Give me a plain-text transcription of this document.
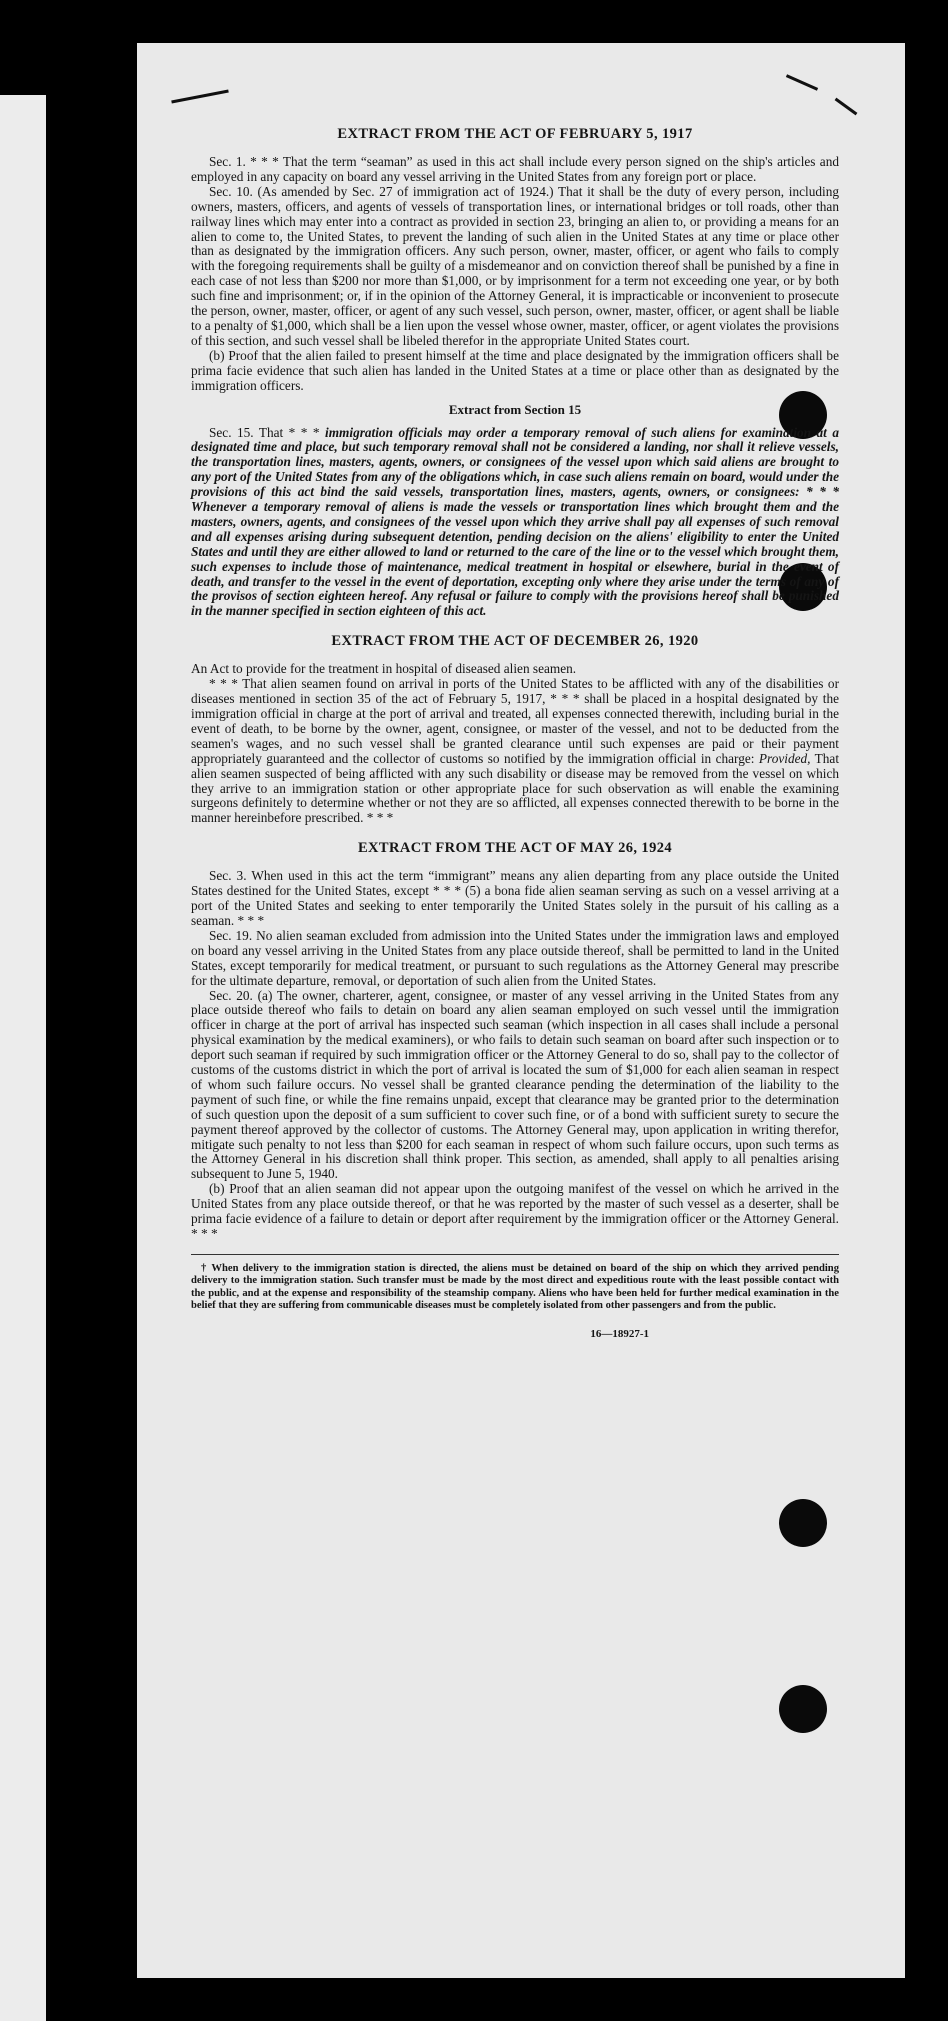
EXTRACT FROM THE ACT OF FEBRUARY 5, 1917

Sec. 1. * * * That the term “seaman” as used in this act shall include every person signed on the ship's articles and employed in any capacity on board any vessel arriving in the United States from any foreign port or place.

Sec. 10. (As amended by Sec. 27 of immigration act of 1924.) That it shall be the duty of every person, including owners, masters, officers, and agents of vessels of transportation lines, or international bridges or toll roads, other than railway lines which may enter into a contract as provided in section 23, bringing an alien to, or providing a means for an alien to come to, the United States, to prevent the landing of such alien in the United States at any time or place other than as designated by the immigration officers. Any such person, owner, master, officer, or agent who fails to comply with the foregoing requirements shall be guilty of a misdemeanor and on conviction thereof shall be punished by a fine in each case of not less than $200 nor more than $1,000, or by imprisonment for a term not exceeding one year, or by both such fine and imprisonment; or, if in the opinion of the Attorney General, it is impracticable or inconvenient to prosecute the person, owner, master, officer, or agent of any such vessel, such person, owner, master, officer, or agent shall be liable to a penalty of $1,000, which shall be a lien upon the vessel whose owner, master, officer, or agent violates the provisions of this section, and such vessel shall be libeled therefor in the appropriate United States court.

(b) Proof that the alien failed to present himself at the time and place designated by the immigration officers shall be prima facie evidence that such alien has landed in the United States at a time or place other than as designated by the immigration officers.

Extract from Section 15

Sec. 15. That * * * immigration officials may order a temporary removal of such aliens for examination at a designated time and place, but such temporary removal shall not be considered a landing, nor shall it relieve vessels, the transportation lines, masters, agents, owners, or consignees of the vessel upon which said aliens are brought to any port of the United States from any of the obligations which, in case such aliens remain on board, would under the provisions of this act bind the said vessels, transportation lines, masters, agents, owners, or consignees: * * * Whenever a temporary removal of aliens is made the vessels or transportation lines which brought them and the masters, owners, agents, and consignees of the vessel upon which they arrive shall pay all expenses of such removal and all expenses arising during subsequent detention, pending decision on the aliens' eligibility to enter the United States and until they are either allowed to land or returned to the care of the line or to the vessel which brought them, such expenses to include those of maintenance, medical treatment in hospital or elsewhere, burial in the event of death, and transfer to the vessel in the event of deportation, excepting only where they arise under the terms of any of the provisos of section eighteen hereof. Any refusal or failure to comply with the provisions hereof shall be punished in the manner specified in section eighteen of this act.

EXTRACT FROM THE ACT OF DECEMBER 26, 1920

An Act to provide for the treatment in hospital of diseased alien seamen.

* * * That alien seamen found on arrival in ports of the United States to be afflicted with any of the disabilities or diseases mentioned in section 35 of the act of February 5, 1917, * * * shall be placed in a hospital designated by the immigration official in charge at the port of arrival and treated, all expenses connected therewith, including burial in the event of death, to be borne by the owner, agent, consignee, or master of the vessel, and not to be deducted from the seamen's wages, and no such vessel shall be granted clearance until such expenses are paid or their payment appropriately guaranteed and the collector of customs so notified by the immigration official in charge: Provided, That alien seamen suspected of being afflicted with any such disability or disease may be removed from the vessel on which they arrive to an immigration station or other appropriate place for such observation as will enable the examining surgeons definitely to determine whether or not they are so afflicted, all expenses connected therewith to be borne in the manner hereinbefore prescribed. * * *

EXTRACT FROM THE ACT OF MAY 26, 1924

Sec. 3. When used in this act the term “immigrant” means any alien departing from any place outside the United States destined for the United States, except * * * (5) a bona fide alien seaman serving as such on a vessel arriving at a port of the United States and seeking to enter temporarily the United States solely in the pursuit of his calling as a seaman. * * *

Sec. 19. No alien seaman excluded from admission into the United States under the immigration laws and employed on board any vessel arriving in the United States from any place outside thereof, shall be permitted to land in the United States, except temporarily for medical treatment, or pursuant to such regulations as the Attorney General may prescribe for the ultimate departure, removal, or deportation of such alien from the United States.

Sec. 20. (a) The owner, charterer, agent, consignee, or master of any vessel arriving in the United States from any place outside thereof who fails to detain on board any alien seaman employed on such vessel until the immigration officer in charge at the port of arrival has inspected such seaman (which inspection in all cases shall include a personal physical examination by the medical examiners), or who fails to detain such seaman on board after such inspection or to deport such seaman if required by such immigration officer or the Attorney General to do so, shall pay to the collector of customs of the customs district in which the port of arrival is located the sum of $1,000 for each alien seaman in respect of whom such failure occurs. No vessel shall be granted clearance pending the determination of the liability to the payment of such fine, or while the fine remains unpaid, except that clearance may be granted prior to the determination of such question upon the deposit of a sum sufficient to cover such fine, or of a bond with sufficient surety to secure the payment thereof approved by the collector of customs. The Attorney General may, upon application in writing therefor, mitigate such penalty to not less than $200 for each seaman in respect of whom such failure occurs, upon such terms as the Attorney General in his discretion shall think proper. This section, as amended, shall apply to all penalties arising subsequent to June 5, 1940.

(b) Proof that an alien seaman did not appear upon the outgoing manifest of the vessel on which he arrived in the United States from any place outside thereof, or that he was reported by the master of such vessel as a deserter, shall be prima facie evidence of a failure to detain or deport after requirement by the immigration officer or the Attorney General. * * *

† When delivery to the immigration station is directed, the aliens must be detained on board of the ship on which they arrived pending delivery to the immigration station. Such transfer must be made by the most direct and expeditious route with the least possible contact with the public, and at the expense and responsibility of the steamship company. Aliens who have been held for further medical examination in the belief that they are suffering from communicable diseases must be completely isolated from other passengers and from the public.
16—18927-1
